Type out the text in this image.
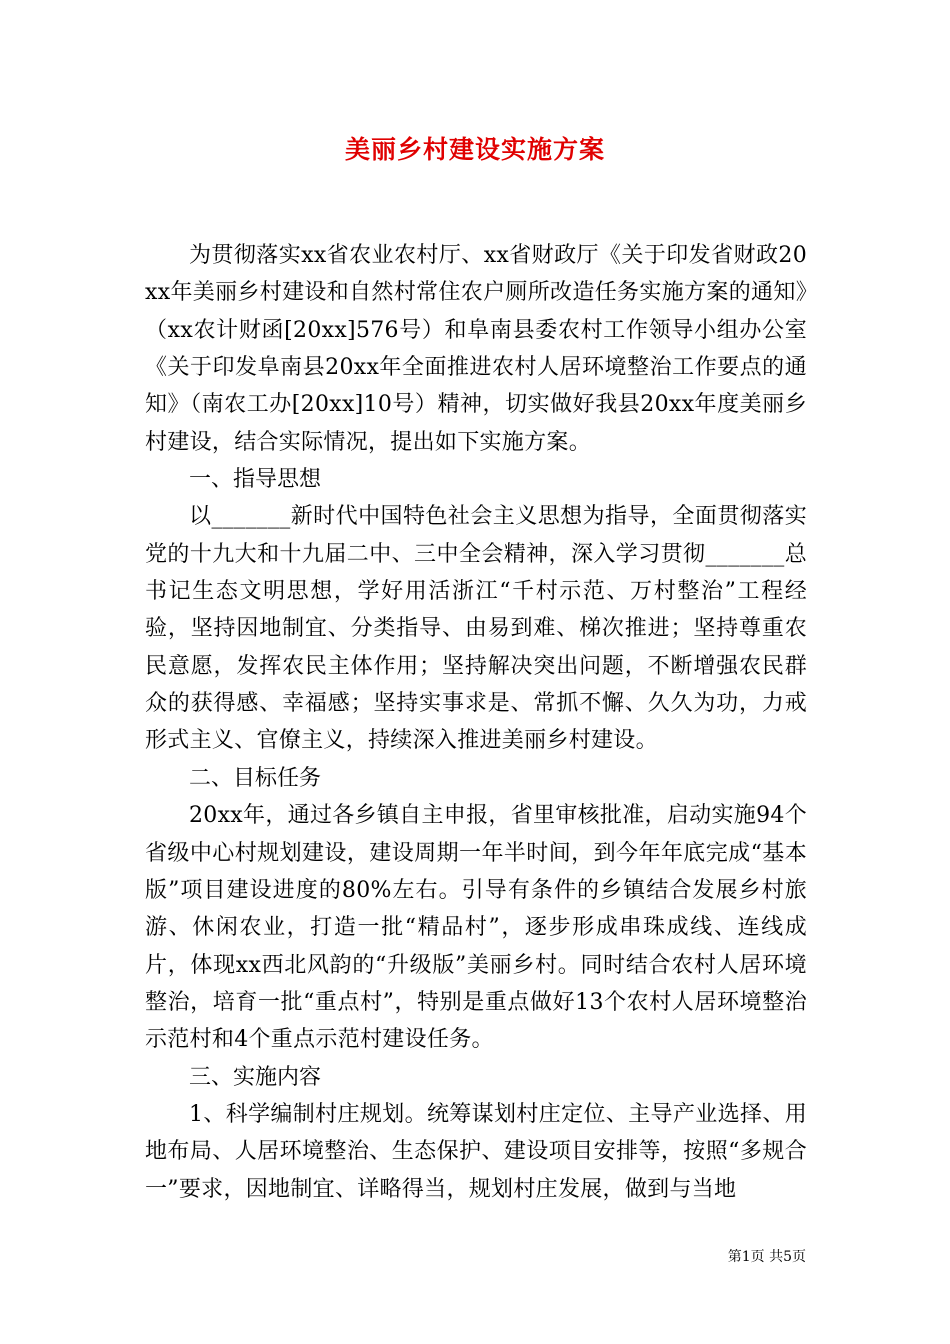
美丽乡村建设实施方案

为贯彻落实xx省农业农村厅、xx省财政厅《关于印发省财政20xx年美丽乡村建设和自然村常住农户厕所改造任务实施方案的通知》（xx农计财函[20xx]576号）和阜南县委农村工作领导小组办公室《关于印发阜南县20xx年全面推进农村人居环境整治工作要点的通知》（南农工办[20xx]10号）精神，切实做好我县20xx年度美丽乡村建设，结合实际情况，提出如下实施方案。

一、指导思想

以_______新时代中国特色社会主义思想为指导，全面贯彻落实党的十九大和十九届二中、三中全会精神，深入学习贯彻_______总书记生态文明思想，学好用活浙江“千村示范、万村整治”工程经验，坚持因地制宜、分类指导、由易到难、梯次推进；坚持尊重农民意愿，发挥农民主体作用；坚持解决突出问题，不断增强农民群众的获得感、幸福感；坚持实事求是、常抓不懈、久久为功，力戒形式主义、官僚主义，持续深入推进美丽乡村建设。

二、目标任务

20xx年，通过各乡镇自主申报，省里审核批准，启动实施94个省级中心村规划建设，建设周期一年半时间，到今年年底完成“基本版”项目建设进度的80%左右。引导有条件的乡镇结合发展乡村旅游、休闲农业，打造一批“精品村”，逐步形成串珠成线、连线成片，体现xx西北风韵的“升级版”美丽乡村。同时结合农村人居环境整治，培育一批“重点村”，特别是重点做好13个农村人居环境整治示范村和4个重点示范村建设任务。

三、实施内容

1、科学编制村庄规划。统筹谋划村庄定位、主导产业选择、用地布局、人居环境整治、生态保护、建设项目安排等，按照“多规合一”要求，因地制宜、详略得当，规划村庄发展，做到与当地

第1页 共5页
